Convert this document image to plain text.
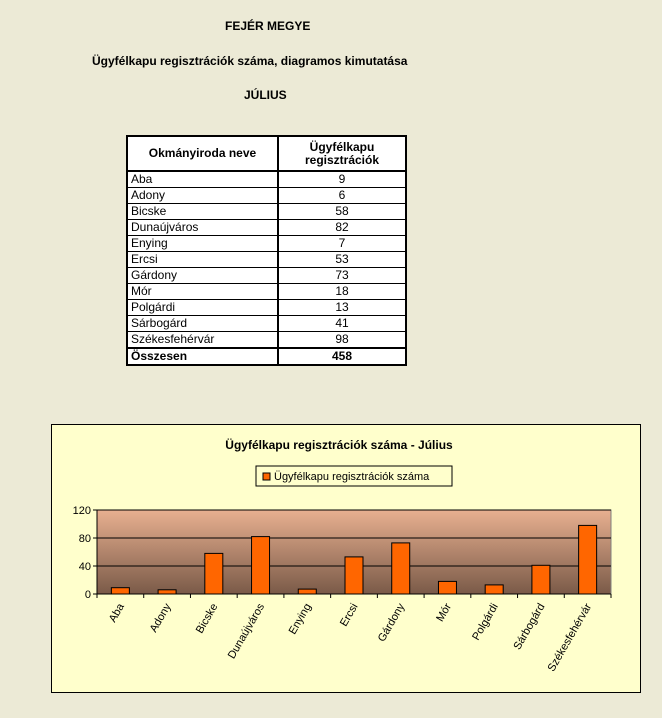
FEJÉR MEGYE
Ügyfélkapu regisztrációk száma, diagramos kimutatása
JÚLIUS
Okmányiroda neve	Ügyfélkapu regisztrációk
Aba	9
Adony	6
Bicske	58
Dunaújváros	82
Enying	7
Ercsi	53
Gárdony	73
Mór	18
Polgárdi	13
Sárbogárd	41
Székesfehérvár	98
Összesen	458
Ügyfélkapu regisztrációk száma - Július
Ügyfélkapu regisztrációk száma
0
40
80
120
Aba Adony Bicske Dunaújváros Enying Ercsi Gárdony Mór Polgárdi Sárbogárd
Székesfehérvár
